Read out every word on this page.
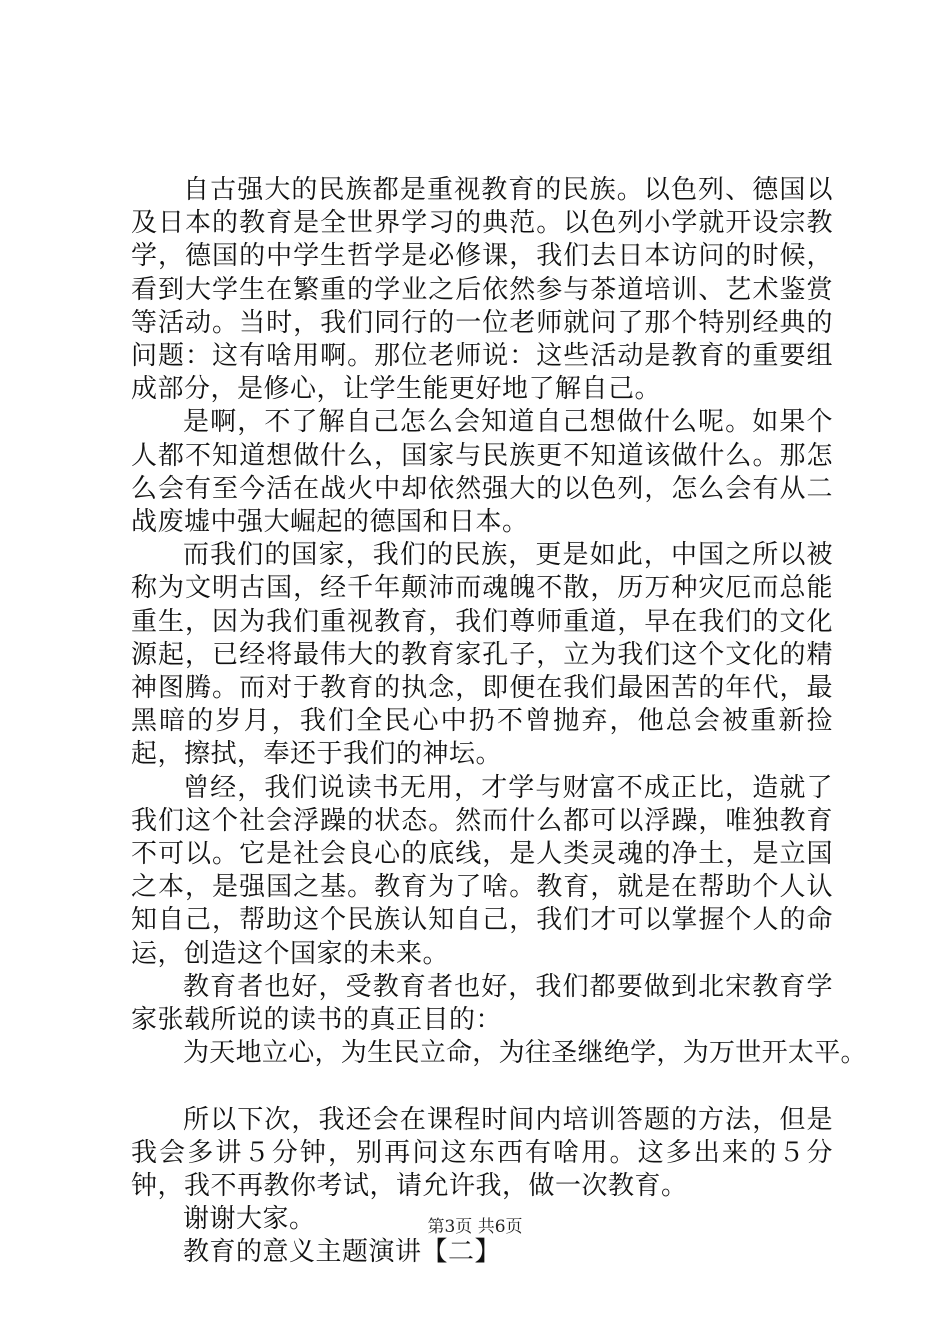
自古强大的民族都是重视教育的民族。以色列、德国以及日本的教育是全世界学习的典范。以色列小学就开设宗教学，德国的中学生哲学是必修课，我们去日本访问的时候，看到大学生在繁重的学业之后依然参与茶道培训、艺术鉴赏等活动。当时，我们同行的一位老师就问了那个特别经典的问题：这有啥用啊。那位老师说：这些活动是教育的重要组成部分，是修心，让学生能更好地了解自己。

是啊，不了解自己怎么会知道自己想做什么呢。如果个人都不知道想做什么，国家与民族更不知道该做什么。那怎么会有至今活在战火中却依然强大的以色列，怎么会有从二战废墟中强大崛起的德国和日本。

而我们的国家，我们的民族，更是如此，中国之所以被称为文明古国，经千年颠沛而魂魄不散，历万种灾厄而总能重生，因为我们重视教育，我们尊师重道，早在我们的文化源起，已经将最伟大的教育家孔子，立为我们这个文化的精神图腾。而对于教育的执念，即便在我们最困苦的年代，最黑暗的岁月，我们全民心中扔不曾抛弃，他总会被重新捡起，擦拭，奉还于我们的神坛。

曾经，我们说读书无用，才学与财富不成正比，造就了我们这个社会浮躁的状态。然而什么都可以浮躁，唯独教育不可以。它是社会良心的底线，是人类灵魂的净土，是立国之本，是强国之基。教育为了啥。教育，就是在帮助个人认知自己，帮助这个民族认知自己，我们才可以掌握个人的命运，创造这个国家的未来。

教育者也好，受教育者也好，我们都要做到北宋教育学家张载所说的读书的真正目的：

为天地立心，为生民立命，为往圣继绝学，为万世开太平。

所以下次，我还会在课程时间内培训答题的方法，但是我会多讲５分钟，别再问这东西有啥用。这多出来的５分钟，我不再教你考试，请允许我，做一次教育。

谢谢大家。

教育的意义主题演讲【二】

第3页 共6页
